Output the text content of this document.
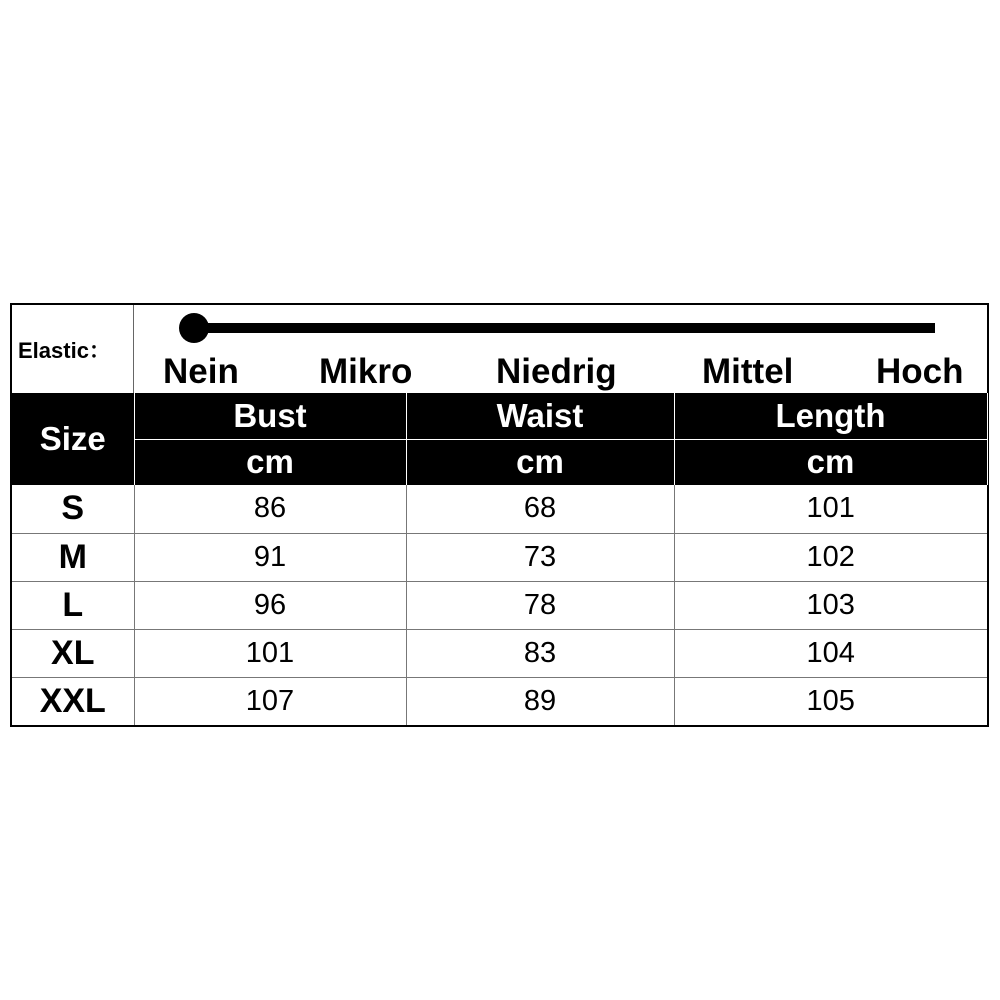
Elastic：
Nein Mikro Niedrig Mittel Hoch
Size	Bust	Waist	Length
	cm	cm	cm
S	86	68	101
M	91	73	102
L	96	78	103
XL	101	83	104
XXL	107	89	105
